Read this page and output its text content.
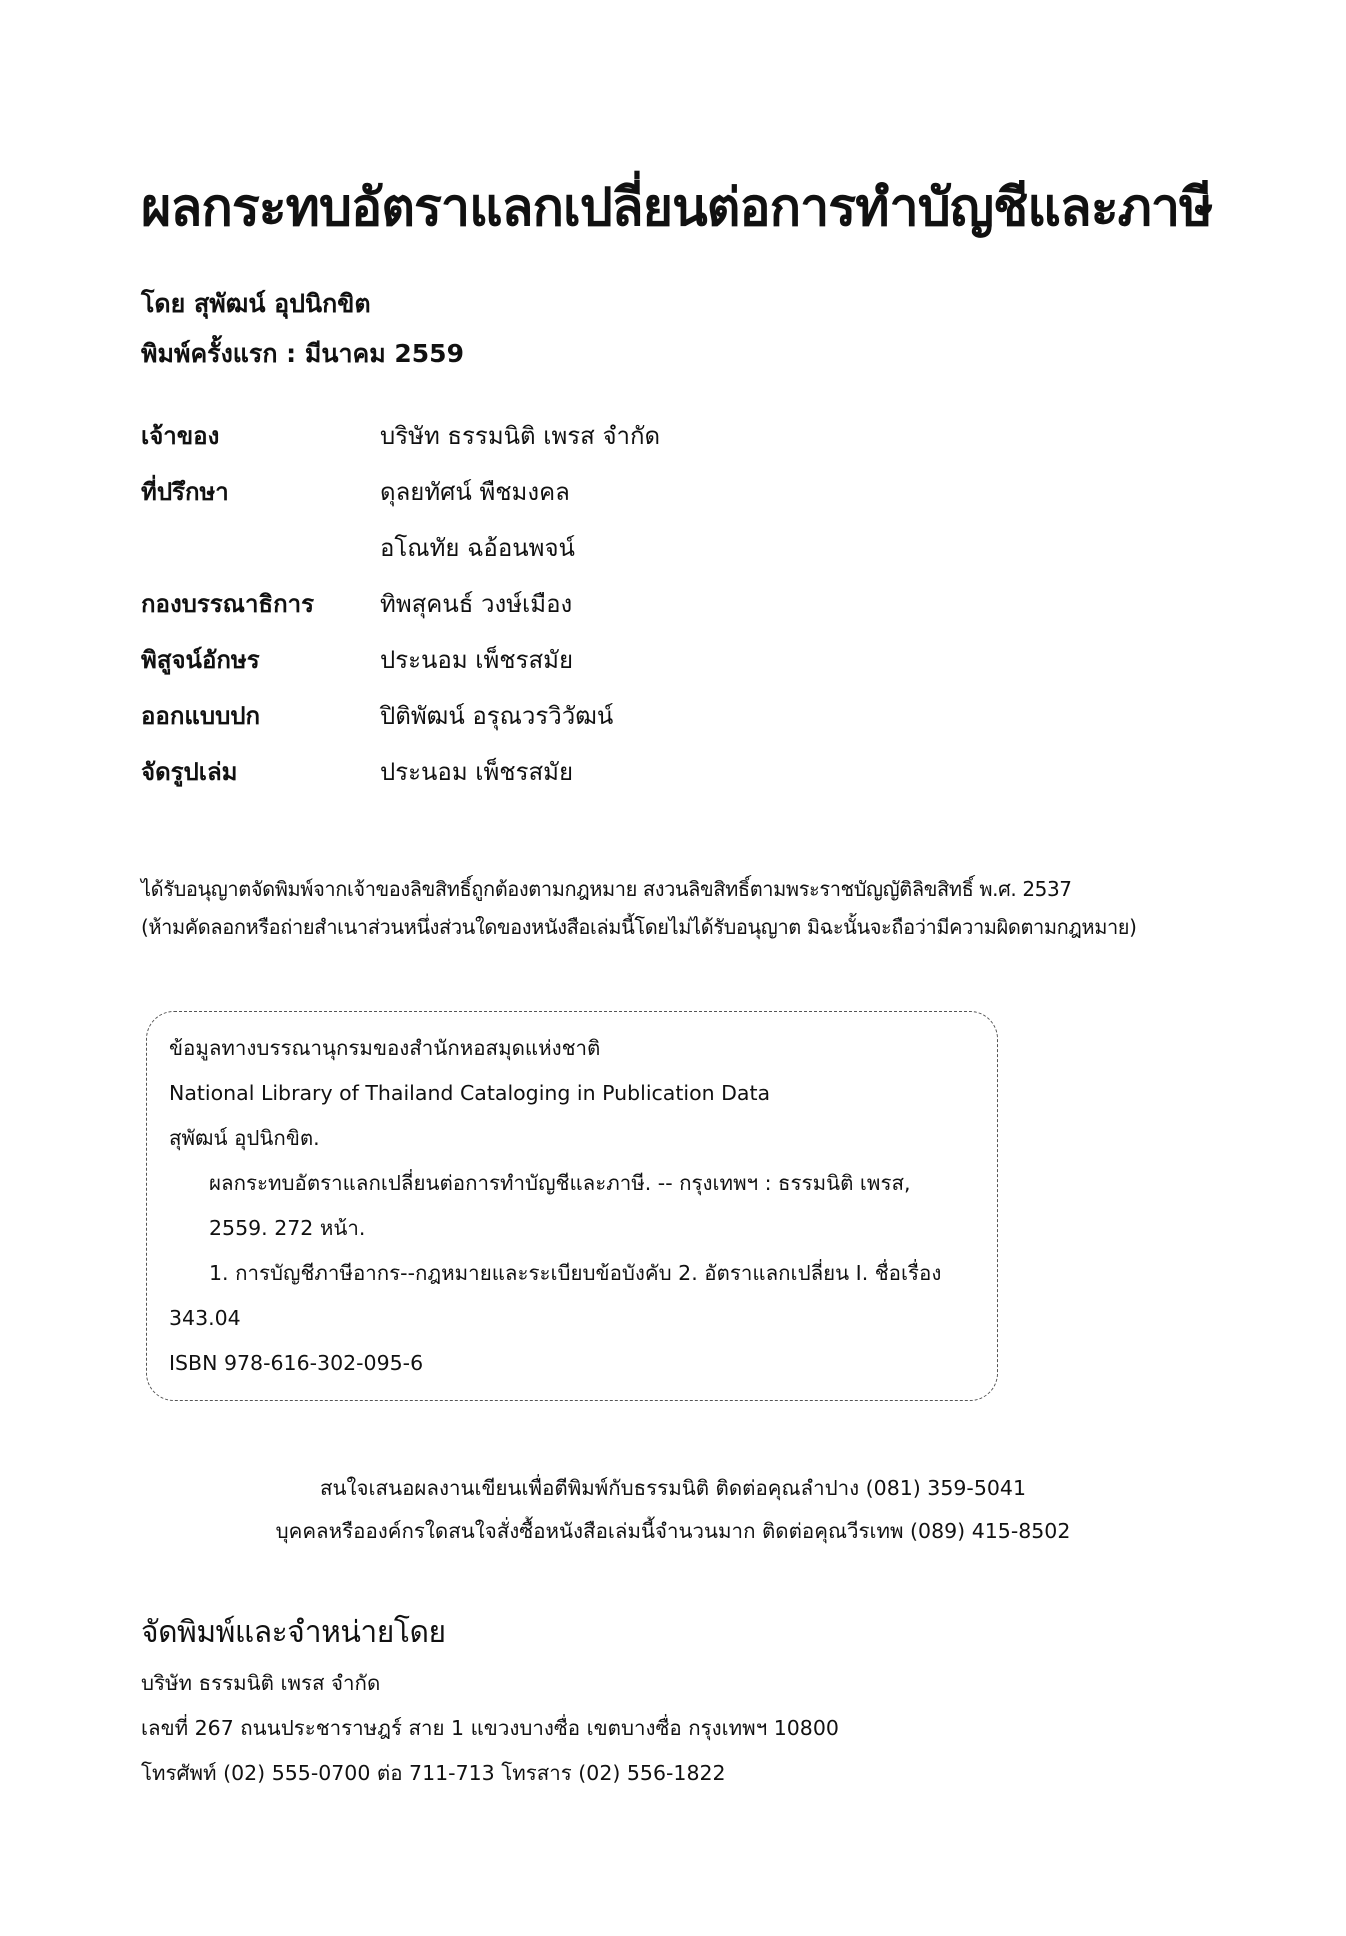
ผลกระทบอัตราแลกเปลี่ยนต่อการทำบัญชีและภาษี
โดย สุพัฒน์ อุปนิกขิต
พิมพ์ครั้งแรก : มีนาคม 2559
เจ้าของ	บริษัท ธรรมนิติ เพรส จำกัด
ที่ปรึกษา	ดุลยทัศน์ พืชมงคล
อโณทัย ฉอ้อนพจน์
กองบรรณาธิการ	ทิพสุคนธ์ วงษ์เมือง
พิสูจน์อักษร	ประนอม เพ็ชรสมัย
ออกแบบปก	ปิติพัฒน์ อรุณวรวิวัฒน์
จัดรูปเล่ม	ประนอม เพ็ชรสมัย
ได้รับอนุญาตจัดพิมพ์จากเจ้าของลิขสิทธิ์ถูกต้องตามกฎหมาย สงวนลิขสิทธิ์ตามพระราชบัญญัติลิขสิทธิ์ พ.ศ. 2537
(ห้ามคัดลอกหรือถ่ายสำเนาส่วนหนึ่งส่วนใดของหนังสือเล่มนี้โดยไม่ได้รับอนุญาต มิฉะนั้นจะถือว่ามีความผิดตามกฎหมาย)
ข้อมูลทางบรรณานุกรมของสำนักหอสมุดแห่งชาติ
National Library of Thailand Cataloging in Publication Data
สุพัฒน์ อุปนิกขิต.
ผลกระทบอัตราแลกเปลี่ยนต่อการทำบัญชีและภาษี. -- กรุงเทพฯ : ธรรมนิติ เพรส,
2559. 272 หน้า.
1. การบัญชีภาษีอากร--กฎหมายและระเบียบข้อบังคับ 2. อัตราแลกเปลี่ยน I. ชื่อเรื่อง
343.04
ISBN 978-616-302-095-6
สนใจเสนอผลงานเขียนเพื่อตีพิมพ์กับธรรมนิติ ติดต่อคุณลำปาง (081) 359-5041
บุคคลหรือองค์กรใดสนใจสั่งซื้อหนังสือเล่มนี้จำนวนมาก ติดต่อคุณวีรเทพ (089) 415-8502
จัดพิมพ์และจำหน่ายโดย
บริษัท ธรรมนิติ เพรส จำกัด
เลขที่ 267 ถนนประชาราษฎร์ สาย 1 แขวงบางซื่อ เขตบางซื่อ กรุงเทพฯ 10800
โทรศัพท์ (02) 555-0700 ต่อ 711-713 โทรสาร (02) 556-1822
